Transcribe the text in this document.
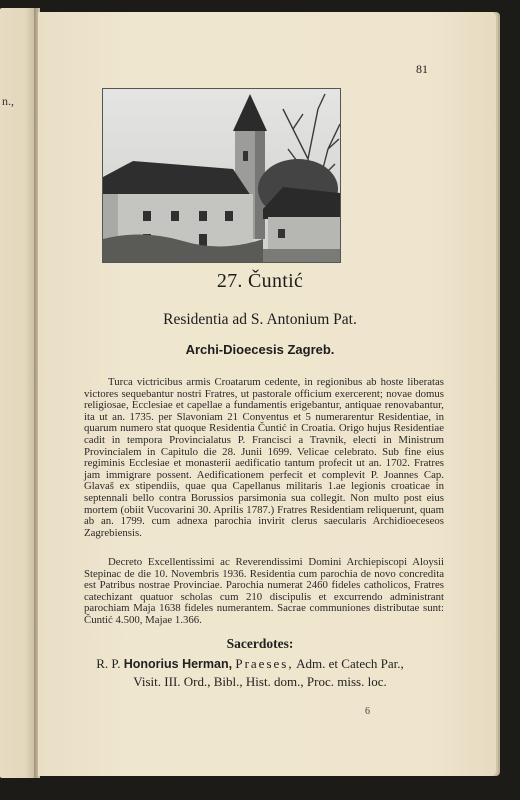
n.,
81
27. Čuntić
Residentia ad S. Antonium Pat.
Archi-Dioecesis Zagreb.
Turca victricibus armis Croatarum cedente, in regionibus ab hoste liberatas victores sequebantur nostri Fratres, ut pastorale officium exercerent; novae domus religiosae, Ecclesiae et capellae a fundamentis erigebantur, antiquae renovabantur, ita ut an. 1735. per Slavoniam 21 Conventus et 5 numerarentur Residentiae, in quarum numero stat quoque Residentia Čuntić in Croatia. Origo hujus Residentiae cadit in tempora Provincialatus P. Francisci a Travnik, electi in Ministrum Provincialem in Capitulo die 28. Junii 1699. Velicae celebrato. Sub fine eius regiminis Ecclesiae et monasterii aedificatio tantum profecit ut an. 1702. Fratres jam immigrare possent. Aedificationem perfecit et complevit P. Joannes Cap. Glavaš ex stipendiis, quae qua Capellanus militaris 1.ae legionis croaticae in septennali bello contra Borussios parsimonia sua collegit. Non multo post eius mortem (obiit Vucovarini 30. Aprilis 1787.) Fratres Residentiam reliquerunt, quam ab an. 1799. cum adnexa parochia invirit clerus saecularis Archidioeceseos Zagrebiensis.
Decreto Excellentissimi ac Reverendissimi Domini Archiepiscopi Aloysii Stepinac de die 10. Novembris 1936. Residentia cum parochia de novo concredita est Patribus nostrae Provinciae. Parochia numerat 2460 fideles catholicos, Fratres catechizant quatuor scholas cum 210 discipulis et excurrendo administrant parochiam Maja 1638 fideles numerantem. Sacrae communiones distributae sunt: Čuntić 4.500, Majae 1.366.
Sacerdotes:
R. P. Honorius Herman, Praeses, Adm. et Catech Par.,
Visit. III. Ord., Bibl., Hist. dom., Proc. miss. loc.
6
